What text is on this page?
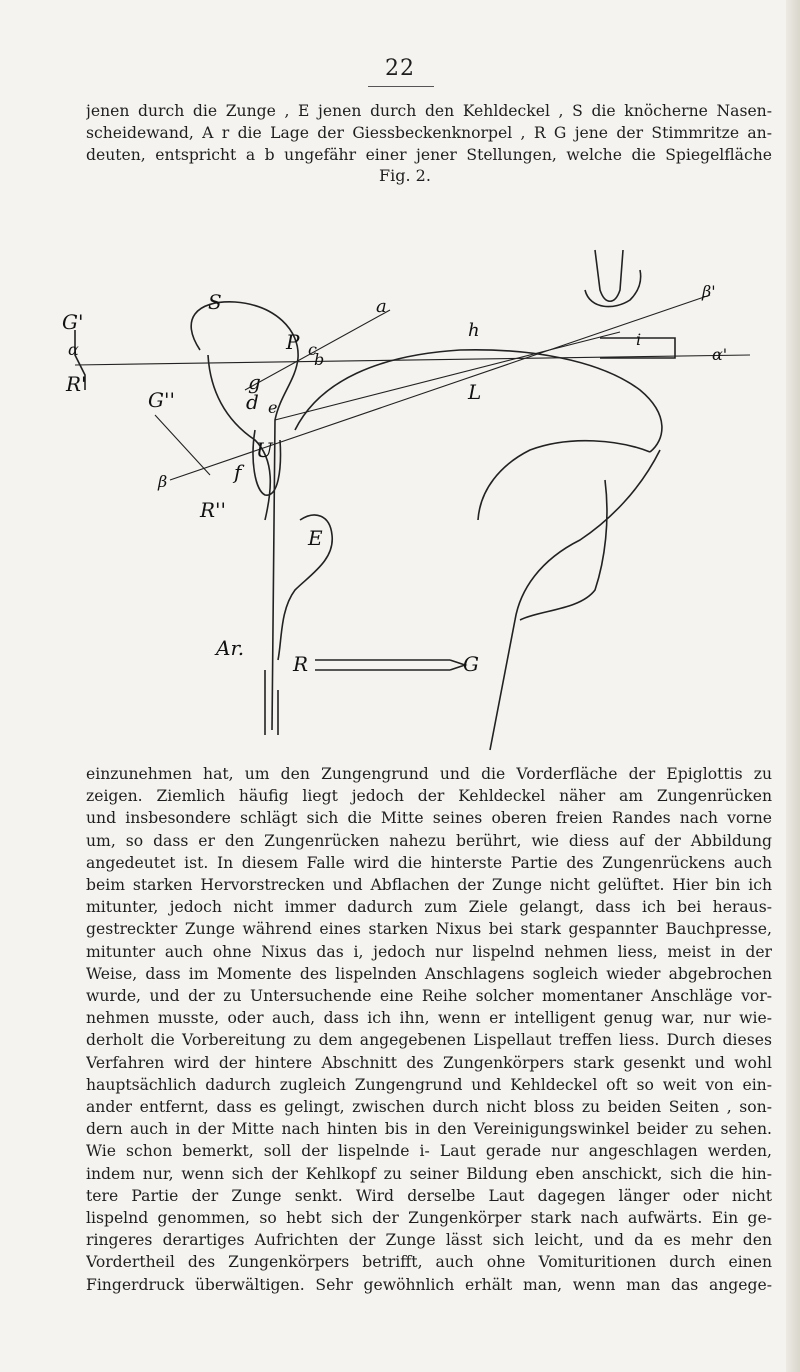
22
jenen durch die Zunge , E jenen durch den Kehldeckel , S die knöcherne Nasen-
scheidewand, A r die Lage der Giessbeckenknorpel , R G jene der Stimmritze an-
deuten, entspricht a b ungefähr einer jener Stellungen, welche die Spiegelfläche
Fig. 2.
S
G'
α
R'
G''
β
R''
P c
b
g
d e
U
f
a
h
L
i
β'
α'
E
Ar.
R	G
einzunehmen hat, um den Zungengrund und die Vorderfläche der Epiglottis zu
zeigen. Ziemlich häufig liegt jedoch der Kehldeckel näher am Zungenrücken
und insbesondere schlägt sich die Mitte seines oberen freien Randes nach vorne
um, so dass er den Zungenrücken nahezu berührt, wie diess auf der Abbildung
angedeutet ist. In diesem Falle wird die hinterste Partie des Zungenrückens auch
beim starken Hervorstrecken und Abflachen der Zunge nicht gelüftet. Hier bin ich
mitunter, jedoch nicht immer dadurch zum Ziele gelangt, dass ich bei heraus-
gestreckter Zunge während eines starken Nixus bei stark gespannter Bauchpresse,
mitunter auch ohne Nixus das i, jedoch nur lispelnd nehmen liess, meist in der
Weise, dass im Momente des lispelnden Anschlagens sogleich wieder abgebrochen
wurde, und der zu Untersuchende eine Reihe solcher momentaner Anschläge vor-
nehmen musste, oder auch, dass ich ihn, wenn er intelligent genug war, nur wie-
derholt die Vorbereitung zu dem angegebenen Lispellaut treffen liess. Durch dieses
Verfahren wird der hintere Abschnitt des Zungenkörpers stark gesenkt und wohl
hauptsächlich dadurch zugleich Zungengrund und Kehldeckel oft so weit von ein-
ander entfernt, dass es gelingt, zwischen durch nicht bloss zu beiden Seiten , son-
dern auch in der Mitte nach hinten bis in den Vereinigungswinkel beider zu sehen.
Wie schon bemerkt, soll der lispelnde i- Laut gerade nur angeschlagen werden,
indem nur, wenn sich der Kehlkopf zu seiner Bildung eben anschickt, sich die hin-
tere Partie der Zunge senkt. Wird derselbe Laut dagegen länger oder nicht
lispelnd genommen, so hebt sich der Zungenkörper stark nach aufwärts. Ein ge-
ringeres derartiges Aufrichten der Zunge lässt sich leicht, und da es mehr den
Vordertheil des Zungenkörpers betrifft, auch ohne Vomituritionen durch einen
Fingerdruck überwältigen. Sehr gewöhnlich erhält man, wenn man das angege-
